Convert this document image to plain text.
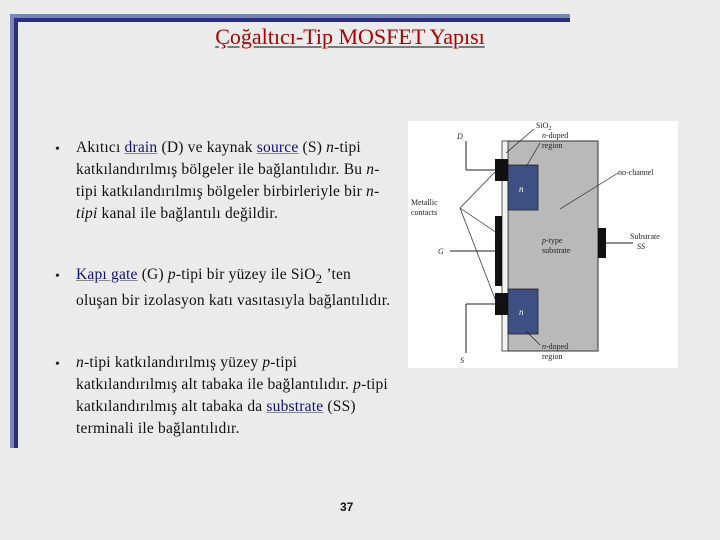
Çoğaltıcı-Tip MOSFET Yapısı
• Akıtıcı drain (D) ve kaynak source (S) n-tipi katkılandırılmış bölgeler ile bağlantılıdır. Bu n-tipi katkılandırılmış bölgeler birbirleriyle bir n-tipi kanal ile bağlantılı değildir.
• Kapı gate (G) p-tipi bir yüzey ile SiO$_2$ ’ten oluşan bir izolasyon katı vasıtasıyla bağlantılıdır.
• n-tipi katkılandırılmış yüzey p-tipi katkılandırılmış alt tabaka ile bağlantılıdır. p-tipi katkılandırılmış alt tabaka da substrate (SS) terminali ile bağlantılıdır.
n
n
D
G
S
SiO$_2$
n-doped
region
no-channel
Metallic
contacts
p-type
substrate
Substrate
SS
n-doped
region
37
